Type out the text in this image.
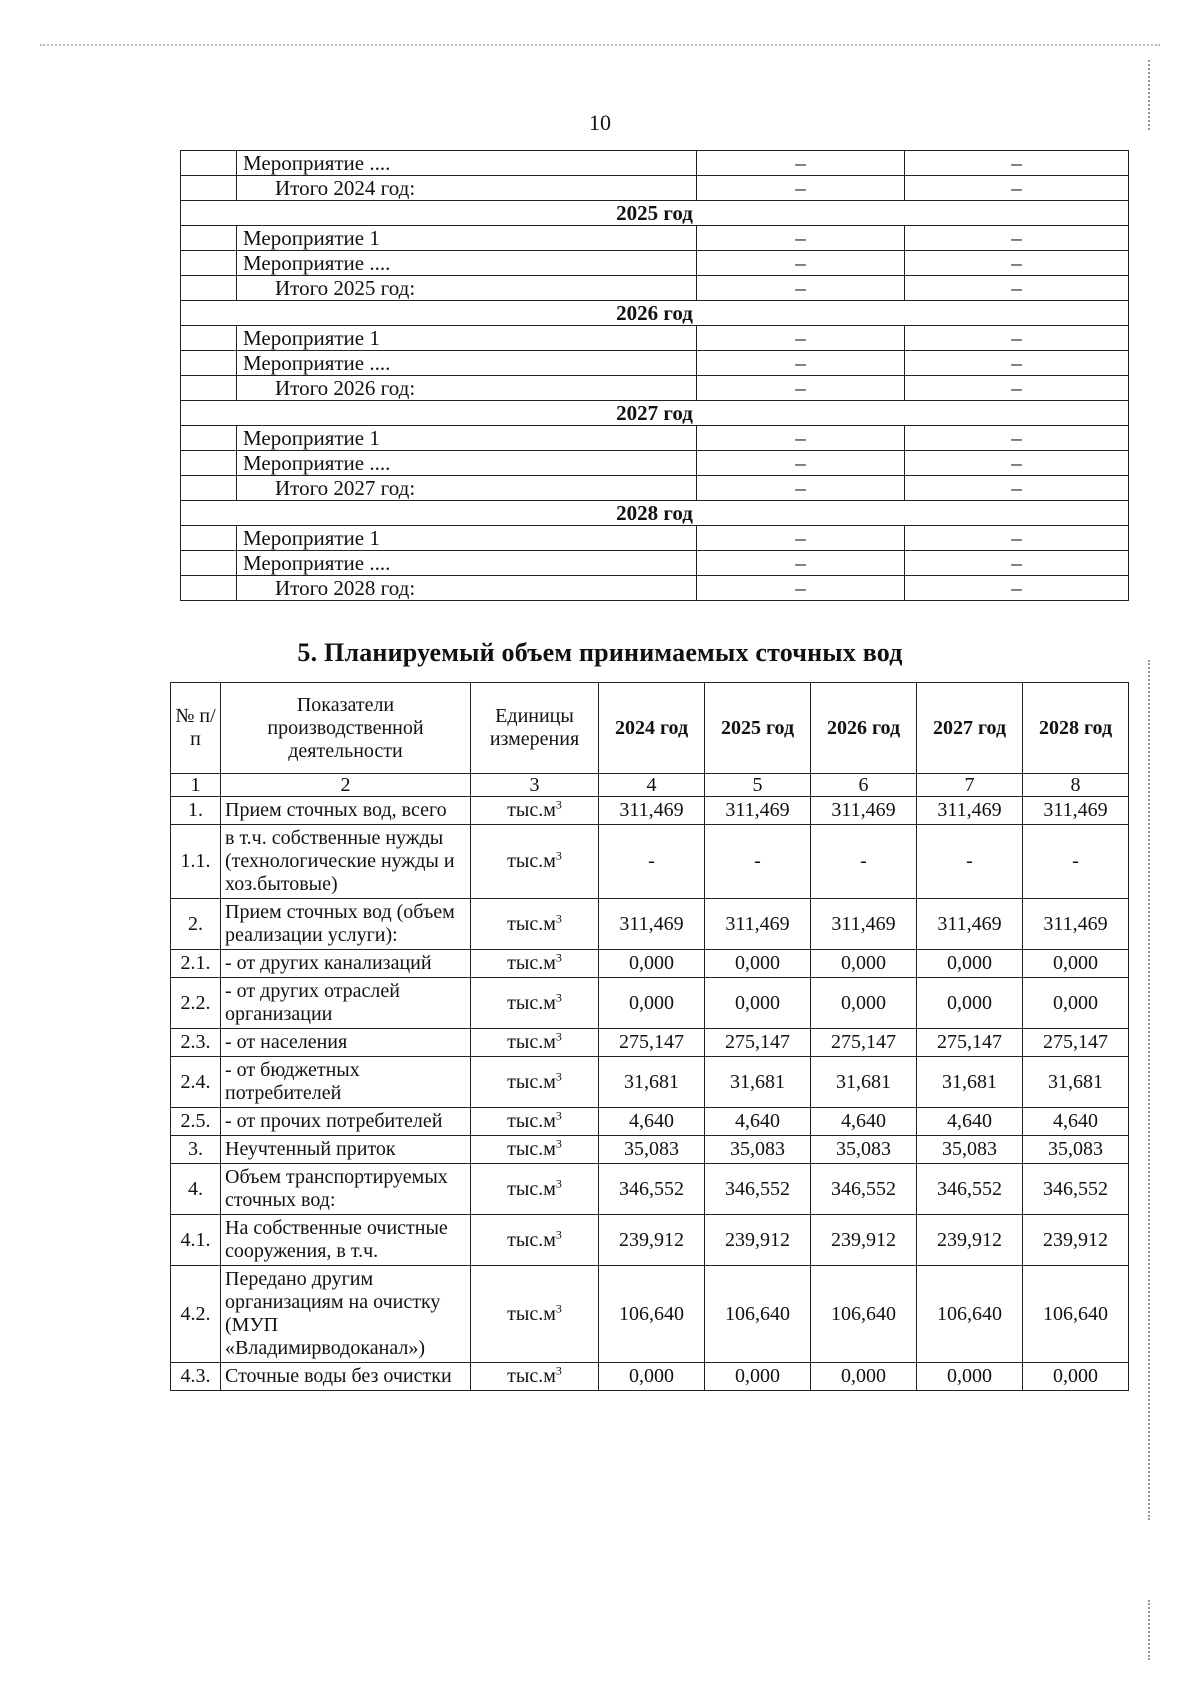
10
	Мероприятие ....	–	–
	Итого 2024 год:	–	–
2025 год			
	Мероприятие 1	–	–
	Мероприятие ....	–	–
	Итого 2025 год:	–	–
2026 год			
	Мероприятие 1	–	–
	Мероприятие ....	–	–
	Итого 2026 год:	–	–
2027 год			
	Мероприятие 1	–	–
	Мероприятие ....	–	–
	Итого 2027 год:	–	–
2028 год			
	Мероприятие 1	–	–
	Мероприятие ....	–	–
	Итого 2028 год:	–	–
5. Планируемый объем принимаемых сточных вод
№ п/п	Показатели производственной деятельности	Единицы измерения	2024 год	2025 год	2026 год	2027 год	2028 год
1	2	3	4	5	6	7	8
1.	Прием сточных вод, всего	$тыс.м^3$	311,469	311,469	311,469	311,469	311,469
1.1.	в т.ч. собственные нужды (технологические нужды и хоз.бытовые)	$тыс.м^3$	-	-	-	-	-
2.	Прием сточных вод (объем реализации услуги):	$тыс.м^3$	311,469	311,469	311,469	311,469	311,469
2.1.	- от других канализаций	$тыс.м^3$	0,000	0,000	0,000	0,000	0,000
2.2.	- от других отраслей организации	$тыс.м^3$	0,000	0,000	0,000	0,000	0,000
2.3.	- от населения	$тыс.м^3$	275,147	275,147	275,147	275,147	275,147
2.4.	- от бюджетных потребителей	$тыс.м^3$	31,681	31,681	31,681	31,681	31,681
2.5.	- от прочих потребителей	$тыс.м^3$	4,640	4,640	4,640	4,640	4,640
3.	Неучтенный приток	$тыс.м^3$	35,083	35,083	35,083	35,083	35,083
4.	Объем транспортируемых сточных вод:	$тыс.м^3$	346,552	346,552	346,552	346,552	346,552
4.1.	На собственные очистные сооружения, в т.ч.	$тыс.м^3$	239,912	239,912	239,912	239,912	239,912
4.2.	Передано другим организациям на очистку (МУП «Владимирводоканал»)	$тыс.м^3$	106,640	106,640	106,640	106,640	106,640
4.3.	Сточные воды без очистки	$тыс.м^3$	0,000	0,000	0,000	0,000	0,000
